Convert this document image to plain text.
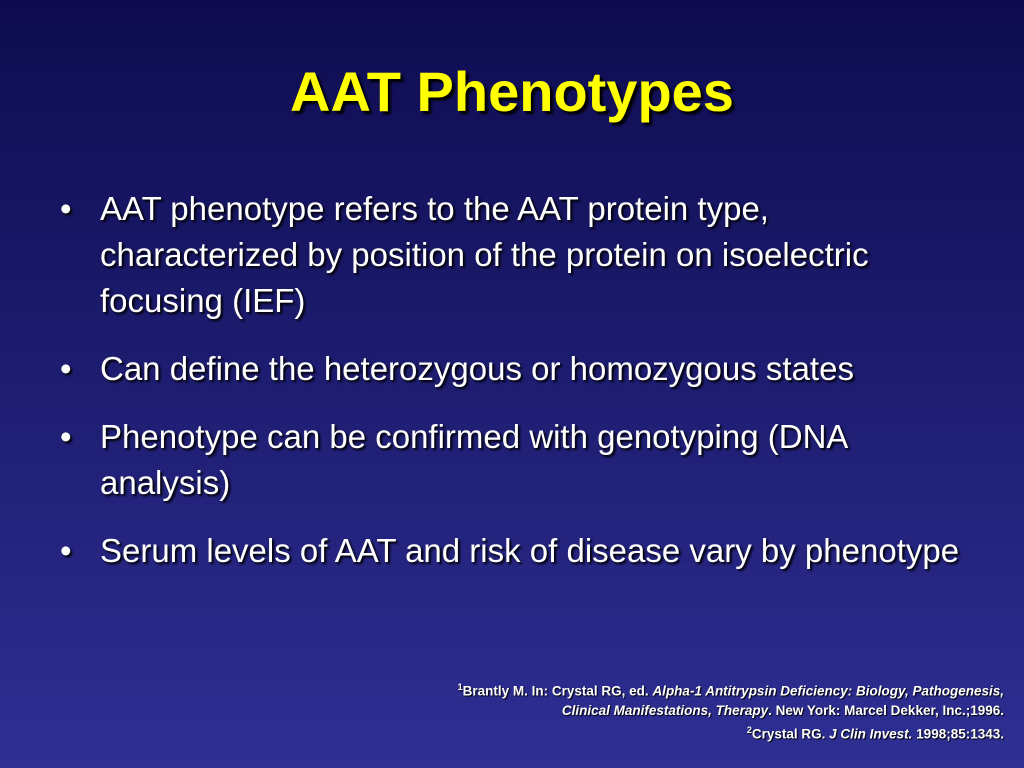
AAT Phenotypes
• AAT phenotype refers to the AAT protein type, characterized by position of the protein on isoelectric focusing (IEF)
• Can define the heterozygous or homozygous states
• Phenotype can be confirmed with genotyping (DNA analysis)
• Serum levels of AAT and risk of disease vary by phenotype
$^1$Brantly M. In: Crystal RG, ed. Alpha-1 Antitrypsin Deficiency: Biology, Pathogenesis,
Clinical Manifestations, Therapy. New York: Marcel Dekker, Inc.;1996.
$^2$Crystal RG. J Clin Invest. 1998;85:1343.
